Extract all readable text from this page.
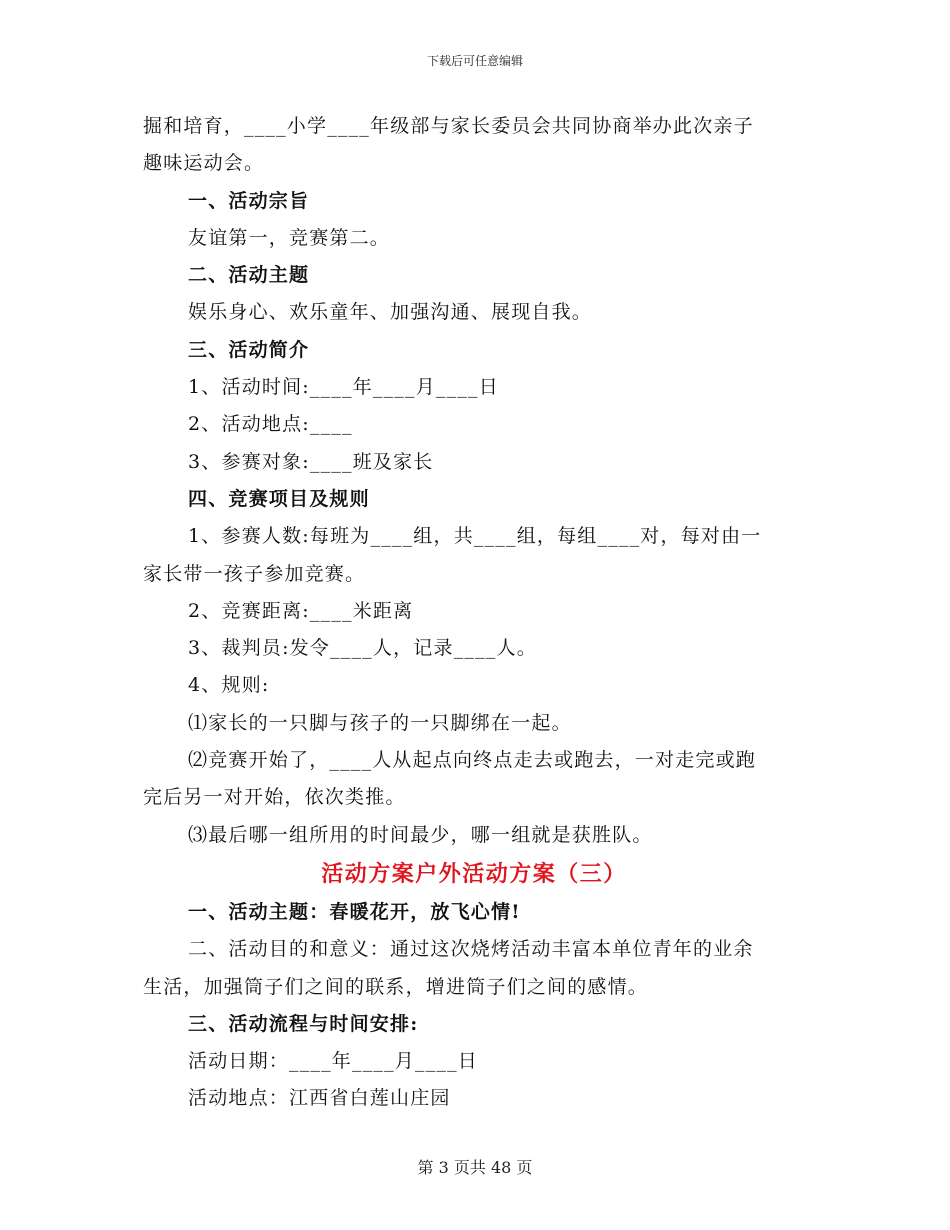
下载后可任意编辑
掘和培育，____小学____年级部与家长委员会共同协商举办此次亲子
趣味运动会。
一、活动宗旨
友谊第一，竞赛第二。
二、活动主题
娱乐身心、欢乐童年、加强沟通、展现自我。
三、活动简介
1、活动时间:____年____月____日
2、活动地点:____
3、参赛对象:____班及家长
四、竞赛项目及规则
1、参赛人数:每班为____组，共____组，每组____对，每对由一
家长带一孩子参加竞赛。
2、竞赛距离:____米距离
3、裁判员:发令____人，记录____人。
4、规则:
⑴家长的一只脚与孩子的一只脚绑在一起。
⑵竞赛开始了，____人从起点向终点走去或跑去，一对走完或跑
完后另一对开始，依次类推。
⑶最后哪一组所用的时间最少，哪一组就是获胜队。
活动方案户外活动方案（三）
一、活动主题：春暖花开，放飞心情!
二、活动目的和意义：通过这次烧烤活动丰富本单位青年的业余
生活，加强筒子们之间的联系，增进筒子们之间的感情。
三、活动流程与时间安排:
活动日期：____年____月____日
活动地点：江西省白莲山庄园
第 3 页共 48 页
